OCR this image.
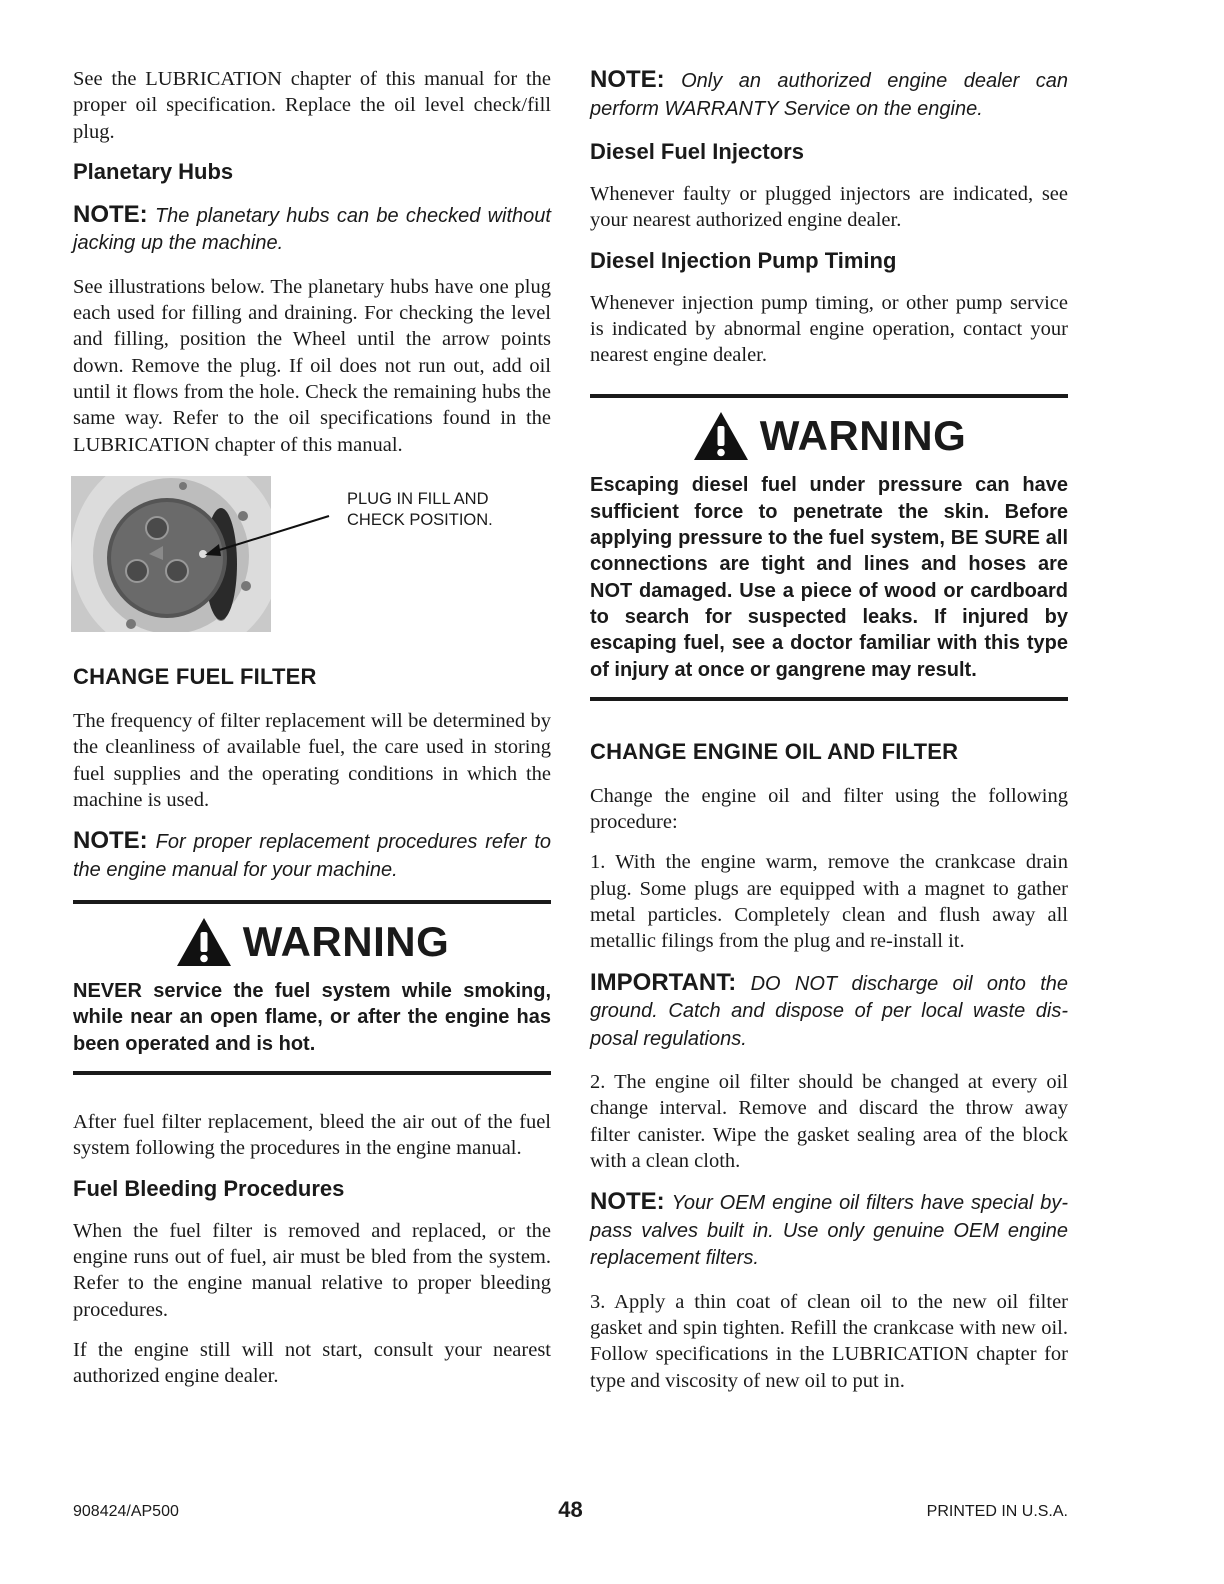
See the LUBRICATION chapter of this manual for the proper oil specification. Replace the oil level check/fill plug.

Planetary Hubs
NOTE: The planetary hubs can be checked without jacking up the machine.

See illustrations below. The planetary hubs have one plug each used for filling and draining. For checking the level and filling, position the Wheel until the arrow points down. Remove the plug. If oil does not run out, add oil until it flows from the hole. Check the remaining hubs the same way. Refer to the oil specifications found in the LUBRICATION chapter of this manual.

PLUG IN FILL AND
CHECK POSITION.
CHANGE FUEL FILTER

The frequency of filter replacement will be determined by the cleanliness of available fuel, the care used in storing fuel supplies and the operating conditions in which the machine is used.

NOTE: For proper replacement procedures refer to the engine manual for your machine.
WARNING

NEVER service the fuel system while smoking, while near an open flame, or after the engine has been operated and is hot.

After fuel filter replacement, bleed the air out of the fuel system following the procedures in the engine manual.

Fuel Bleeding Procedures

When the fuel filter is removed and replaced, or the engine runs out of fuel, air must be bled from the system. Refer to the engine manual relative to proper bleeding procedures.

If the engine still will not start, consult your nearest authorized engine dealer.

NOTE: Only an authorized engine dealer can perform WARRANTY Service on the engine.
Diesel Fuel Injectors

Whenever faulty or plugged injectors are indicated, see your nearest authorized engine dealer.

Diesel Injection Pump Timing

Whenever injection pump timing, or other pump service is indicated by abnormal engine operation, contact your nearest engine dealer.

WARNING

Escaping diesel fuel under pressure can have sufficient force to penetrate the skin. Before applying pressure to the fuel system, BE SURE all connections are tight and lines and hoses are NOT damaged. Use a piece of wood or cardboard to search for suspected leaks. If injured by escaping fuel, see a doctor familiar with this type of injury at once or gangrene may result.

CHANGE ENGINE OIL AND FILTER

Change the engine oil and filter using the following procedure:

1. With the engine warm, remove the crankcase drain plug. Some plugs are equipped with a magnet to gather metal particles. Completely clean and flush away all metallic filings from the plug and re-install it.

IMPORTANT: DO NOT discharge oil onto the ground. Catch and dispose of per local waste disposal regulations.

2. The engine oil filter should be changed at every oil change interval. Remove and discard the throw away filter canister. Wipe the gasket sealing area of the block with a clean cloth.

NOTE: Your OEM engine oil filters have special by-pass valves built in. Use only genuine OEM engine replacement filters.

3. Apply a thin coat of clean oil to the new oil filter gasket and spin tighten. Refill the crankcase with new oil. Follow specifications in the LUBRICATION chapter for type and viscosity of new oil to put in.

908424/AP500	48	PRINTED IN U.S.A.
